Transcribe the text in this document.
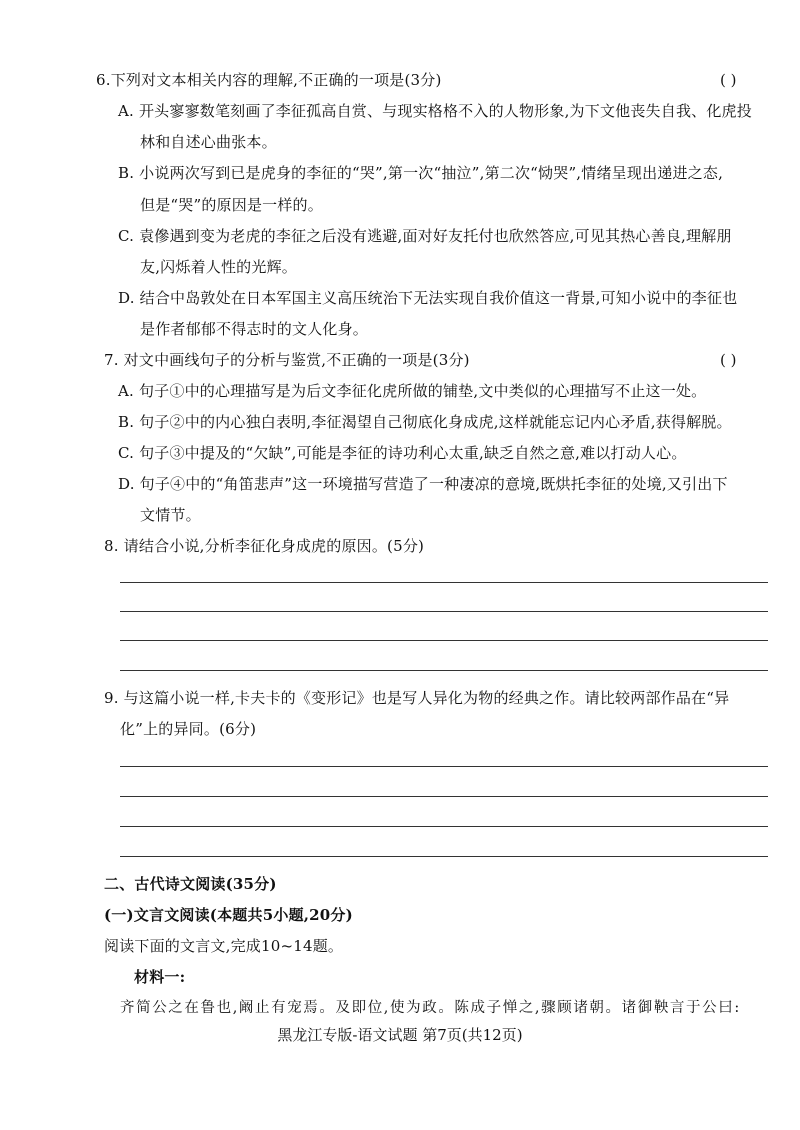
6.下列对文本相关内容的理解,不正确的一项是(3分)	( )
A. 开头寥寥数笔刻画了李征孤高自赏、与现实格格不入的人物形象,为下文他丧失自我、化虎投
林和自述心曲张本。
B. 小说两次写到已是虎身的李征的“哭”,第一次“抽泣”,第二次“恸哭”,情绪呈现出递进之态,
但是“哭”的原因是一样的。
C. 袁傪遇到变为老虎的李征之后没有逃避,面对好友托付也欣然答应,可见其热心善良,理解朋
友,闪烁着人性的光辉。
D. 结合中岛敦处在日本军国主义高压统治下无法实现自我价值这一背景,可知小说中的李征也
是作者郁郁不得志时的文人化身。
7. 对文中画线句子的分析与鉴赏,不正确的一项是(3分)	( )
A. 句子①中的心理描写是为后文李征化虎所做的铺垫,文中类似的心理描写不止这一处。
B. 句子②中的内心独白表明,李征渴望自己彻底化身成虎,这样就能忘记内心矛盾,获得解脱。
C. 句子③中提及的“欠缺”,可能是李征的诗功利心太重,缺乏自然之意,难以打动人心。
D. 句子④中的“角笛悲声”这一环境描写营造了一种凄凉的意境,既烘托李征的处境,又引出下
文情节。
8. 请结合小说,分析李征化身成虎的原因。(5分)
9. 与这篇小说一样,卡夫卡的《变形记》也是写人异化为物的经典之作。请比较两部作品在“异
化”上的异同。(6分)
二、古代诗文阅读(35分)
(一)文言文阅读(本题共5小题,20分)
阅读下面的文言文,完成10~14题。
材料一:
齐简公之在鲁也,阚止有宠焉。及即位,使为政。陈成子惮之,骤顾诸朝。诸御鞅言于公曰:
黑龙江专版-语文试题 第7页(共12页)
